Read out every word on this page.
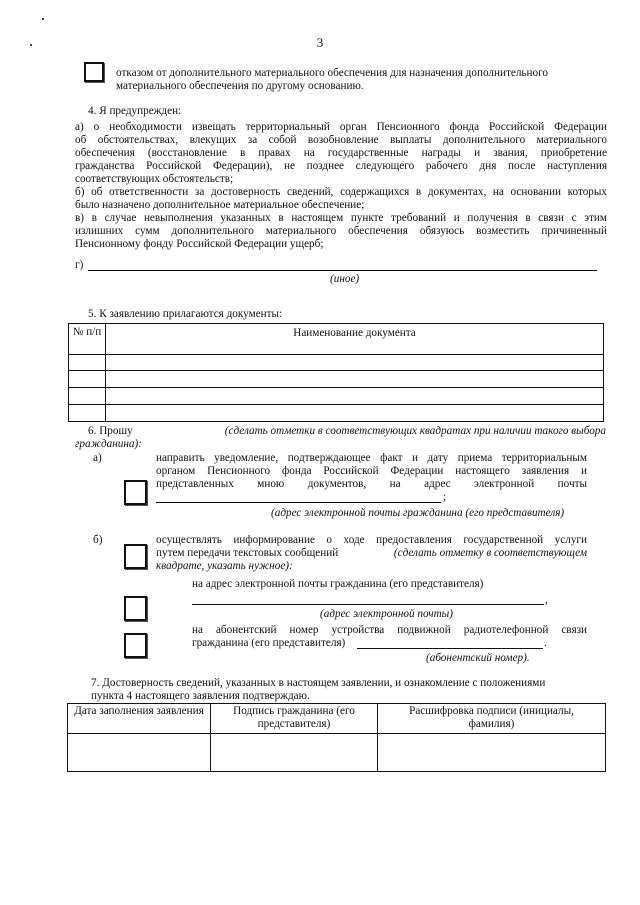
3
отказом от дополнительного материального обеспечения для назначения дополнительного материального обеспечения по другому основанию.
4. Я предупрежден:
а) о необходимости извещать территориальный орган Пенсионного фонда Российской Федерации
об обстоятельствах, влекущих за собой возобновление выплаты дополнительного материального
обеспечения (восстановление в правах на государственные награды и звания, приобретение
гражданства Российской Федерации), не позднее следующего рабочего дня после наступления
соответствующих обстоятельств;
б) об ответственности за достоверность сведений, содержащихся в документах, на основании которых
было назначено дополнительное материальное обеспечение;
в) в случае невыполнения указанных в настоящем пункте требований и получения в связи с этим
излишних сумм дополнительного материального обеспечения обязуюсь возместить причиненный
Пенсионному фонду Российской Федерации ущерб;
г)
(иное)
5. К заявлению прилагаются документы:
№ п/п	Наименование документа

6. Прошу	(сделать отметки в соответствующих квадратах при наличии такого выбора
гражданина):
а)	направить уведомление, подтверждающее факт и дату приема территориальным
органом Пенсионного фонда Российской Федерации настоящего заявления и
представленных мною документов, на адрес электронной почты
;
(адрес электронной почты гражданина (его представителя)
б)	осуществлять информирование о ходе предоставления государственной услуги
путем передачи текстовых сообщений	(сделать отметку в соответствующем
квадрате, указать нужное):
на адрес электронной почты гражданина (его представителя)
,
(адрес электронной почты)
на абонентский номер устройства подвижной радиотелефонной связи
гражданина (его представителя)	.
(абонентский номер).
7. Достоверность сведений, указанных в настоящем заявлении, и ознакомление с положениями
пункта 4 настоящего заявления подтверждаю.
Дата заполнения заявления	Подпись гражданина (его представителя)	Расшифровка подписи (инициалы, фамилия)
